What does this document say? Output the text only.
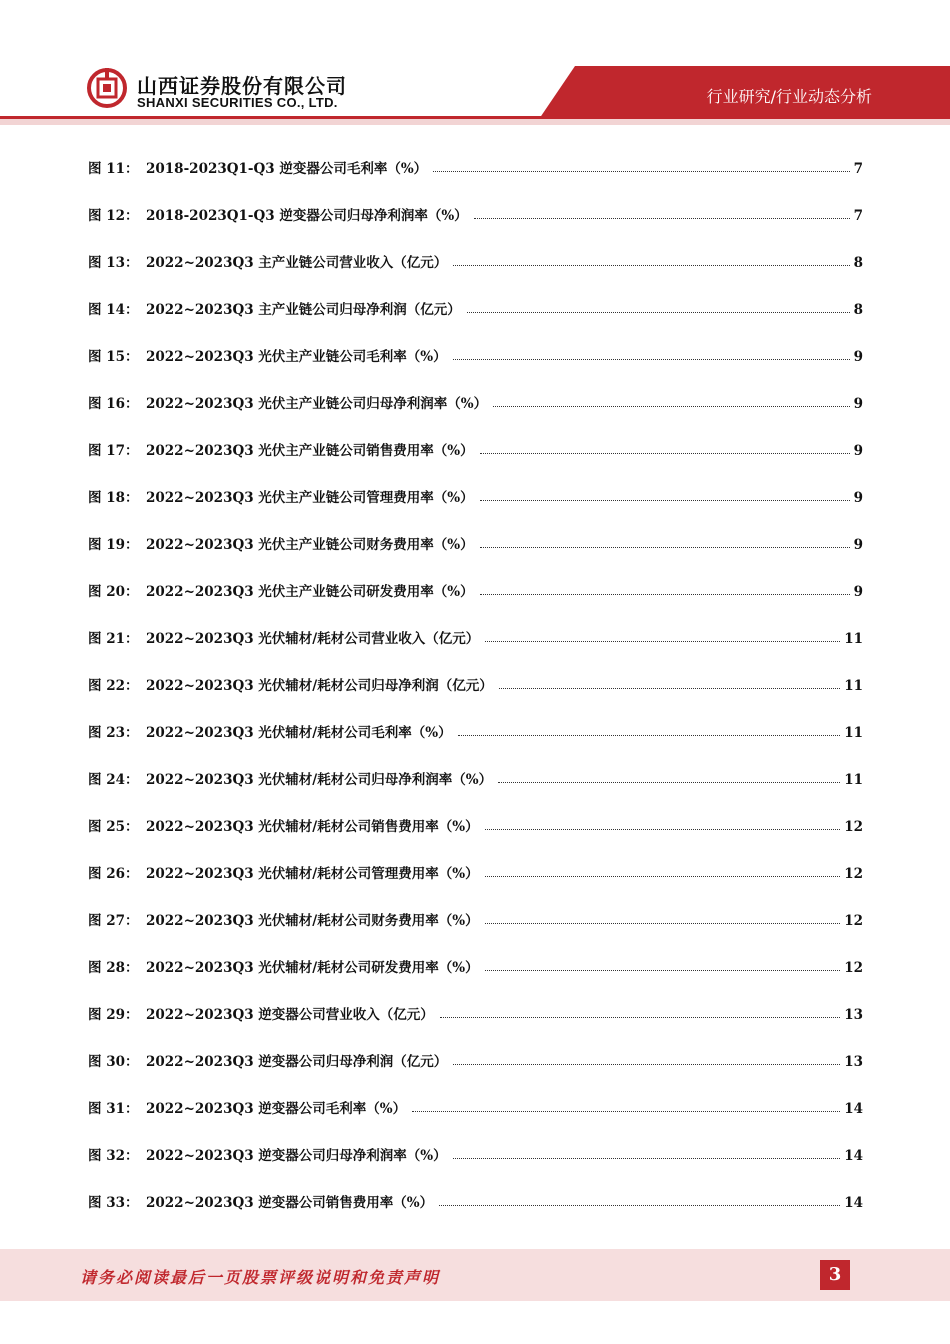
山西证券股份有限公司
SHANXI SECURITIES CO., LTD.	行业研究/行业动态分析
图 11： 2018-2023Q1-Q3 逆变器公司毛利率（%）	7
图 12： 2018-2023Q1-Q3 逆变器公司归母净利润率（%）	7
图 13： 2022~2023Q3 主产业链公司营业收入（亿元）	8
图 14： 2022~2023Q3 主产业链公司归母净利润（亿元）	8
图 15： 2022~2023Q3 光伏主产业链公司毛利率（%）	9
图 16： 2022~2023Q3 光伏主产业链公司归母净利润率（%）	9
图 17： 2022~2023Q3 光伏主产业链公司销售费用率（%）	9
图 18： 2022~2023Q3 光伏主产业链公司管理费用率（%）	9
图 19： 2022~2023Q3 光伏主产业链公司财务费用率（%）	9
图 20： 2022~2023Q3 光伏主产业链公司研发费用率（%）	9
图 21： 2022~2023Q3 光伏辅材/耗材公司营业收入（亿元）	11
图 22： 2022~2023Q3 光伏辅材/耗材公司归母净利润（亿元）	11
图 23： 2022~2023Q3 光伏辅材/耗材公司毛利率（%）	11
图 24： 2022~2023Q3 光伏辅材/耗材公司归母净利润率（%）	11
图 25： 2022~2023Q3 光伏辅材/耗材公司销售费用率（%）	12
图 26： 2022~2023Q3 光伏辅材/耗材公司管理费用率（%）	12
图 27： 2022~2023Q3 光伏辅材/耗材公司财务费用率（%）	12
图 28： 2022~2023Q3 光伏辅材/耗材公司研发费用率（%）	12
图 29： 2022~2023Q3 逆变器公司营业收入（亿元）	13
图 30： 2022~2023Q3 逆变器公司归母净利润（亿元）	13
图 31： 2022~2023Q3 逆变器公司毛利率（%）	14
图 32： 2022~2023Q3 逆变器公司归母净利润率（%）	14
图 33： 2022~2023Q3 逆变器公司销售费用率（%）	14
请务必阅读最后一页股票评级说明和免责声明	3
